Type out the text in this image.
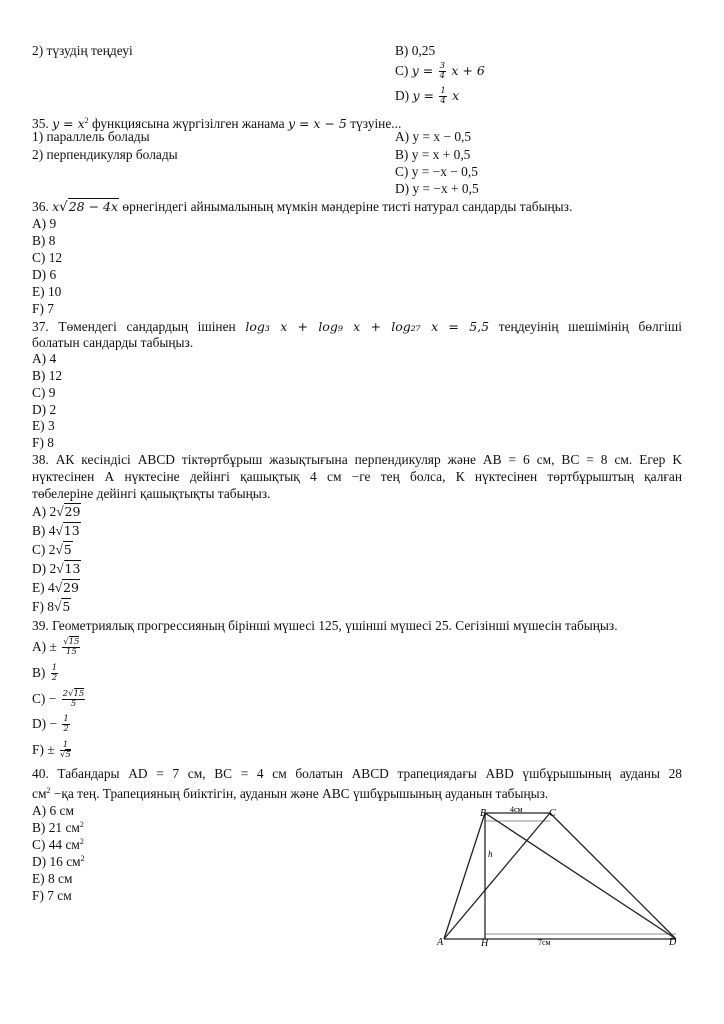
2) түзудің теңдеуі	B) 0,25
C) $y = \frac{3}{4}$ x + 6
D) $y = \frac{1}{4}$ x
35. $y = x^2$ функциясына жүргізілген жанама y = x − 5 түзуіне...
1) параллель болады
2) перпендикуляр болады
A) y = x − 0,5
B) y = x + 0,5
C) y = −x − 0,5
D) y = −x + 0,5
36. x√28 − 4x өрнегіндегі айнымалының мүмкін мәндеріне тисті натурал сандарды табыңыз.
A) 9
B) 8
C) 12
D) 6
E) 10
F) 7
37. Төмендегі сандардың ішінен log₃ x + log₉ x + log₂₇ x = 5,5 теңдеуінің шешімінің бөлгіші
болатын сандарды табыңыз.
A) 4
B) 12
C) 9
D) 2
E) 3
F) 8
38. АК кесіндісі ABCD тіктөртбұрыш жазықтығына перпендикуляр және AB = 6 см, BC = 8 см. Егер K
нүктесінен А нүктесіне дейінгі қашықтық 4 см −ге тең болса, К нүктесінен төртбұрыштың қалған
төбелеріне дейінгі қашықтықты табыңыз.
A) 2√29
B) 4√13
C) 2√5
D) 2√13
E) 4√29
F) 8√5
39. Геометриялық прогрессияның бірінші мүшесі 125, үшінші мүшесі 25. Сегізінші мүшесін табыңыз.
$A) \pm \frac{√15}{15}$
$B) \frac{1}{2}$
$C) - \frac{2√15}{5}$
$D) - \frac{1}{2}$
$F) \pm \frac{1}{√5}$
40. Табандары AD = 7 см, BC = 4 см болатын ABCD трапециядағы ABD үшбұрышының ауданы 28
$см^2 -қа$ тең. Трапецияның биіктігін, ауданын және ABC үшбұрышының ауданын табыңыз.
A) 6 см
B) 21 $см^2$
C) 44 $см^2$
D) 16 $см^2$
E) 8 см
F) 7 см
A
B	C
D
H
h
4см
7см
